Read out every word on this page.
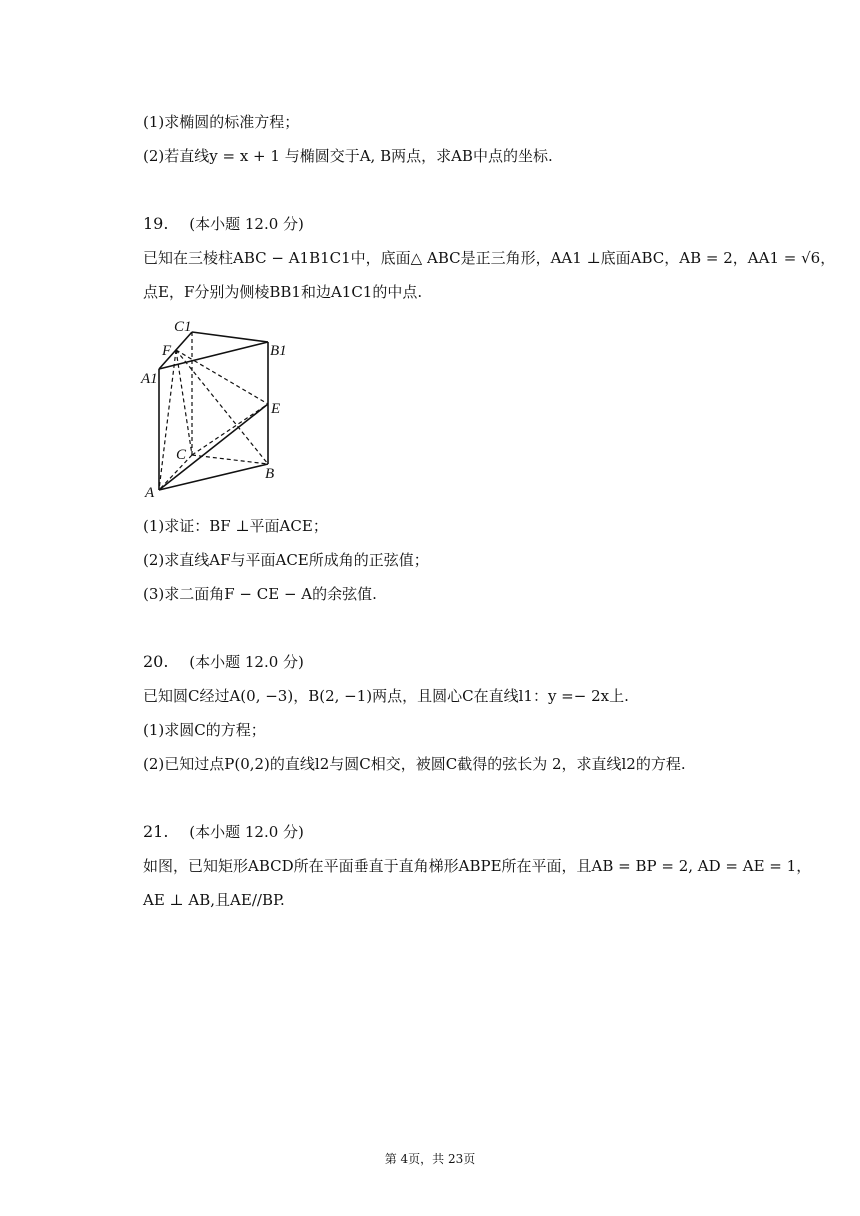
(1)求椭圆的标准方程；
(2)若直线y = x + 1 与椭圆交于A, B两点，求AB中点的坐标.
19. (本小题 12.0 分)
已知在三棱柱ABC − A1B1C1中，底面△ ABC是正三角形，AA1 ⊥底面ABC，AB = 2，AA1 = √6，
点E，F分别为侧棱BB1和边A1C1的中点.
C1
F	B1
A1
E
C
B
A
(1)求证：BF ⊥平面ACE；
(2)求直线AF与平面ACE所成角的正弦值；
(3)求二面角F − CE − A的余弦值.
20. (本小题 12.0 分)
已知圆C经过A(0, −3)，B(2, −1)两点，且圆心C在直线l1：y =− 2x上.
(1)求圆C的方程；
(2)已知过点P(0,2)的直线l2与圆C相交，被圆C截得的弦长为 2，求直线l2的方程.
21. (本小题 12.0 分)
如图，已知矩形ABCD所在平面垂直于直角梯形ABPE所在平面，且AB = BP = 2, AD = AE = 1，
AE ⊥ AB,且AE//BP.
第 4页，共 23页
